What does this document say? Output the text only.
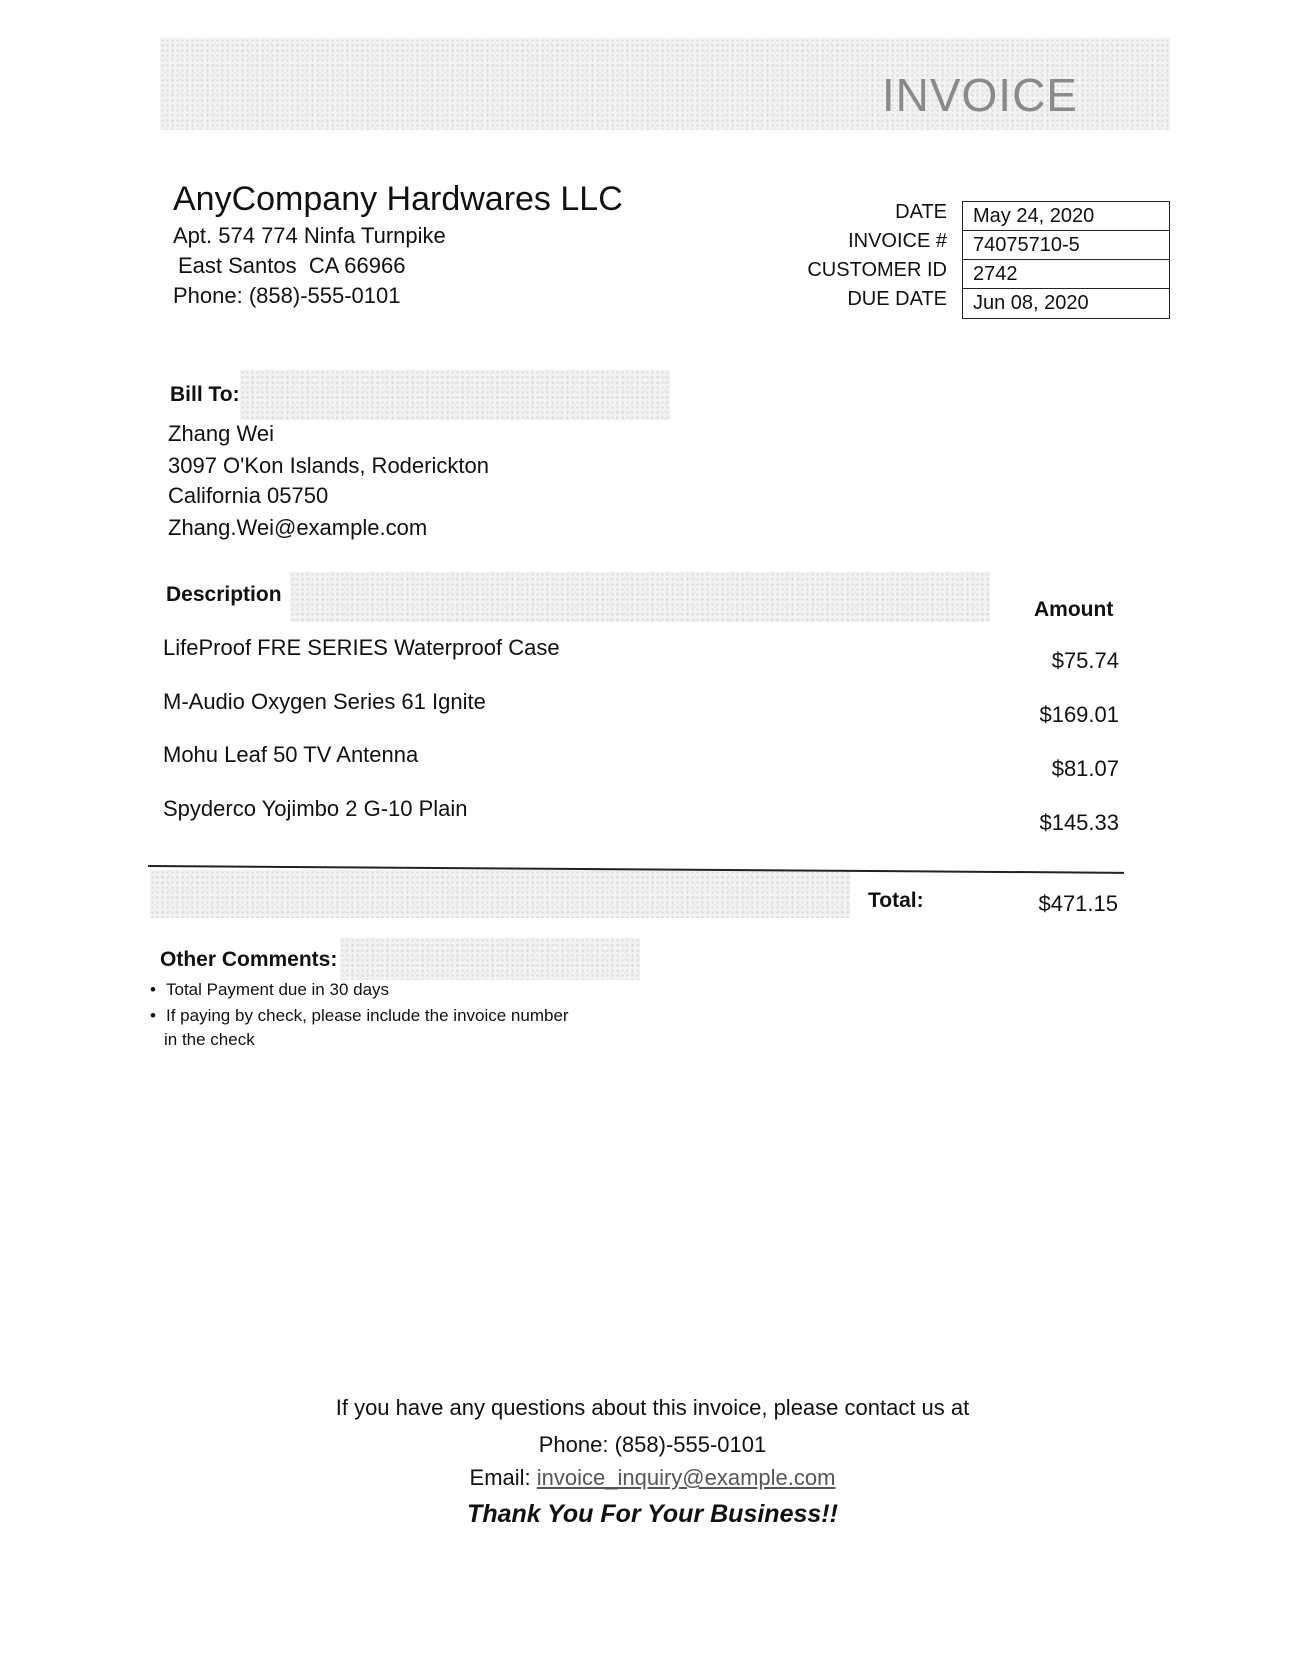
INVOICE
AnyCompany Hardwares LLC
Apt. 574 774 Ninfa Turnpike
East Santos  CA 66966
Phone: (858)-555-0101
DATE
INVOICE #
CUSTOMER ID
DUE DATE
May 24, 2020
74075710-5
2742
Jun 08, 2020
Bill To:
Zhang Wei
3097 O'Kon Islands, Roderickton
California 05750
Zhang.Wei@example.com
Description
Amount
LifeProof FRE SERIES Waterproof Case
$75.74
M-Audio Oxygen Series 61 Ignite
$169.01
Mohu Leaf 50 TV Antenna
$81.07
Spyderco Yojimbo 2 G-10 Plain
$145.33
Total:	$471.15
Other Comments:
• Total Payment due in 30 days
• If paying by check, please include the invoice number
in the check
If you have any questions about this invoice, please contact us at
Phone: (858)-555-0101
Email: invoice_inquiry@example.com
Thank You For Your Business!!
